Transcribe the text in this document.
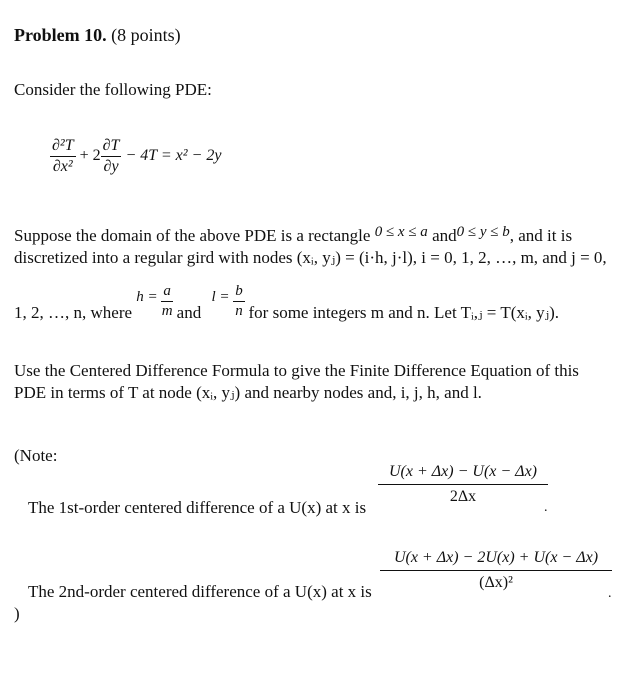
Problem 10. (8 points)
Consider the following PDE:
$\frac{\text{∂²T}}{\text{∂x²}} + 2 \frac{\partial T}{\partial y} - 4T = x^2 - 2y$
Suppose the domain of the above PDE is a rectangle 0 ≤ x ≤ a and0 ≤ y ≤ b, and it is
discretized into a regular gird with nodes (xᵢ, yⱼ) = (i·h, j·l), i = 0, 1, 2, …, m, and j = 0,
1, 2, …, n, where $h = \frac{a}{m}$ and $l = \frac{b}{n}$ for some integers m and n. Let Tᵢ,ⱼ = T(xᵢ, yⱼ).
Use the Centered Difference Formula to give the Finite Difference Equation of this
PDE in terms of T at node (xᵢ, yⱼ) and nearby nodes and, i, j, h, and l.
(Note:
The 1st-order centered difference of a U(x) at x is
U(x + Δx) − U(x − Δx)
2Δx
.
The 2nd-order centered difference of a U(x) at x is
U(x + Δx) − 2U(x) + U(x − Δx)
(Δx)²
.
)
